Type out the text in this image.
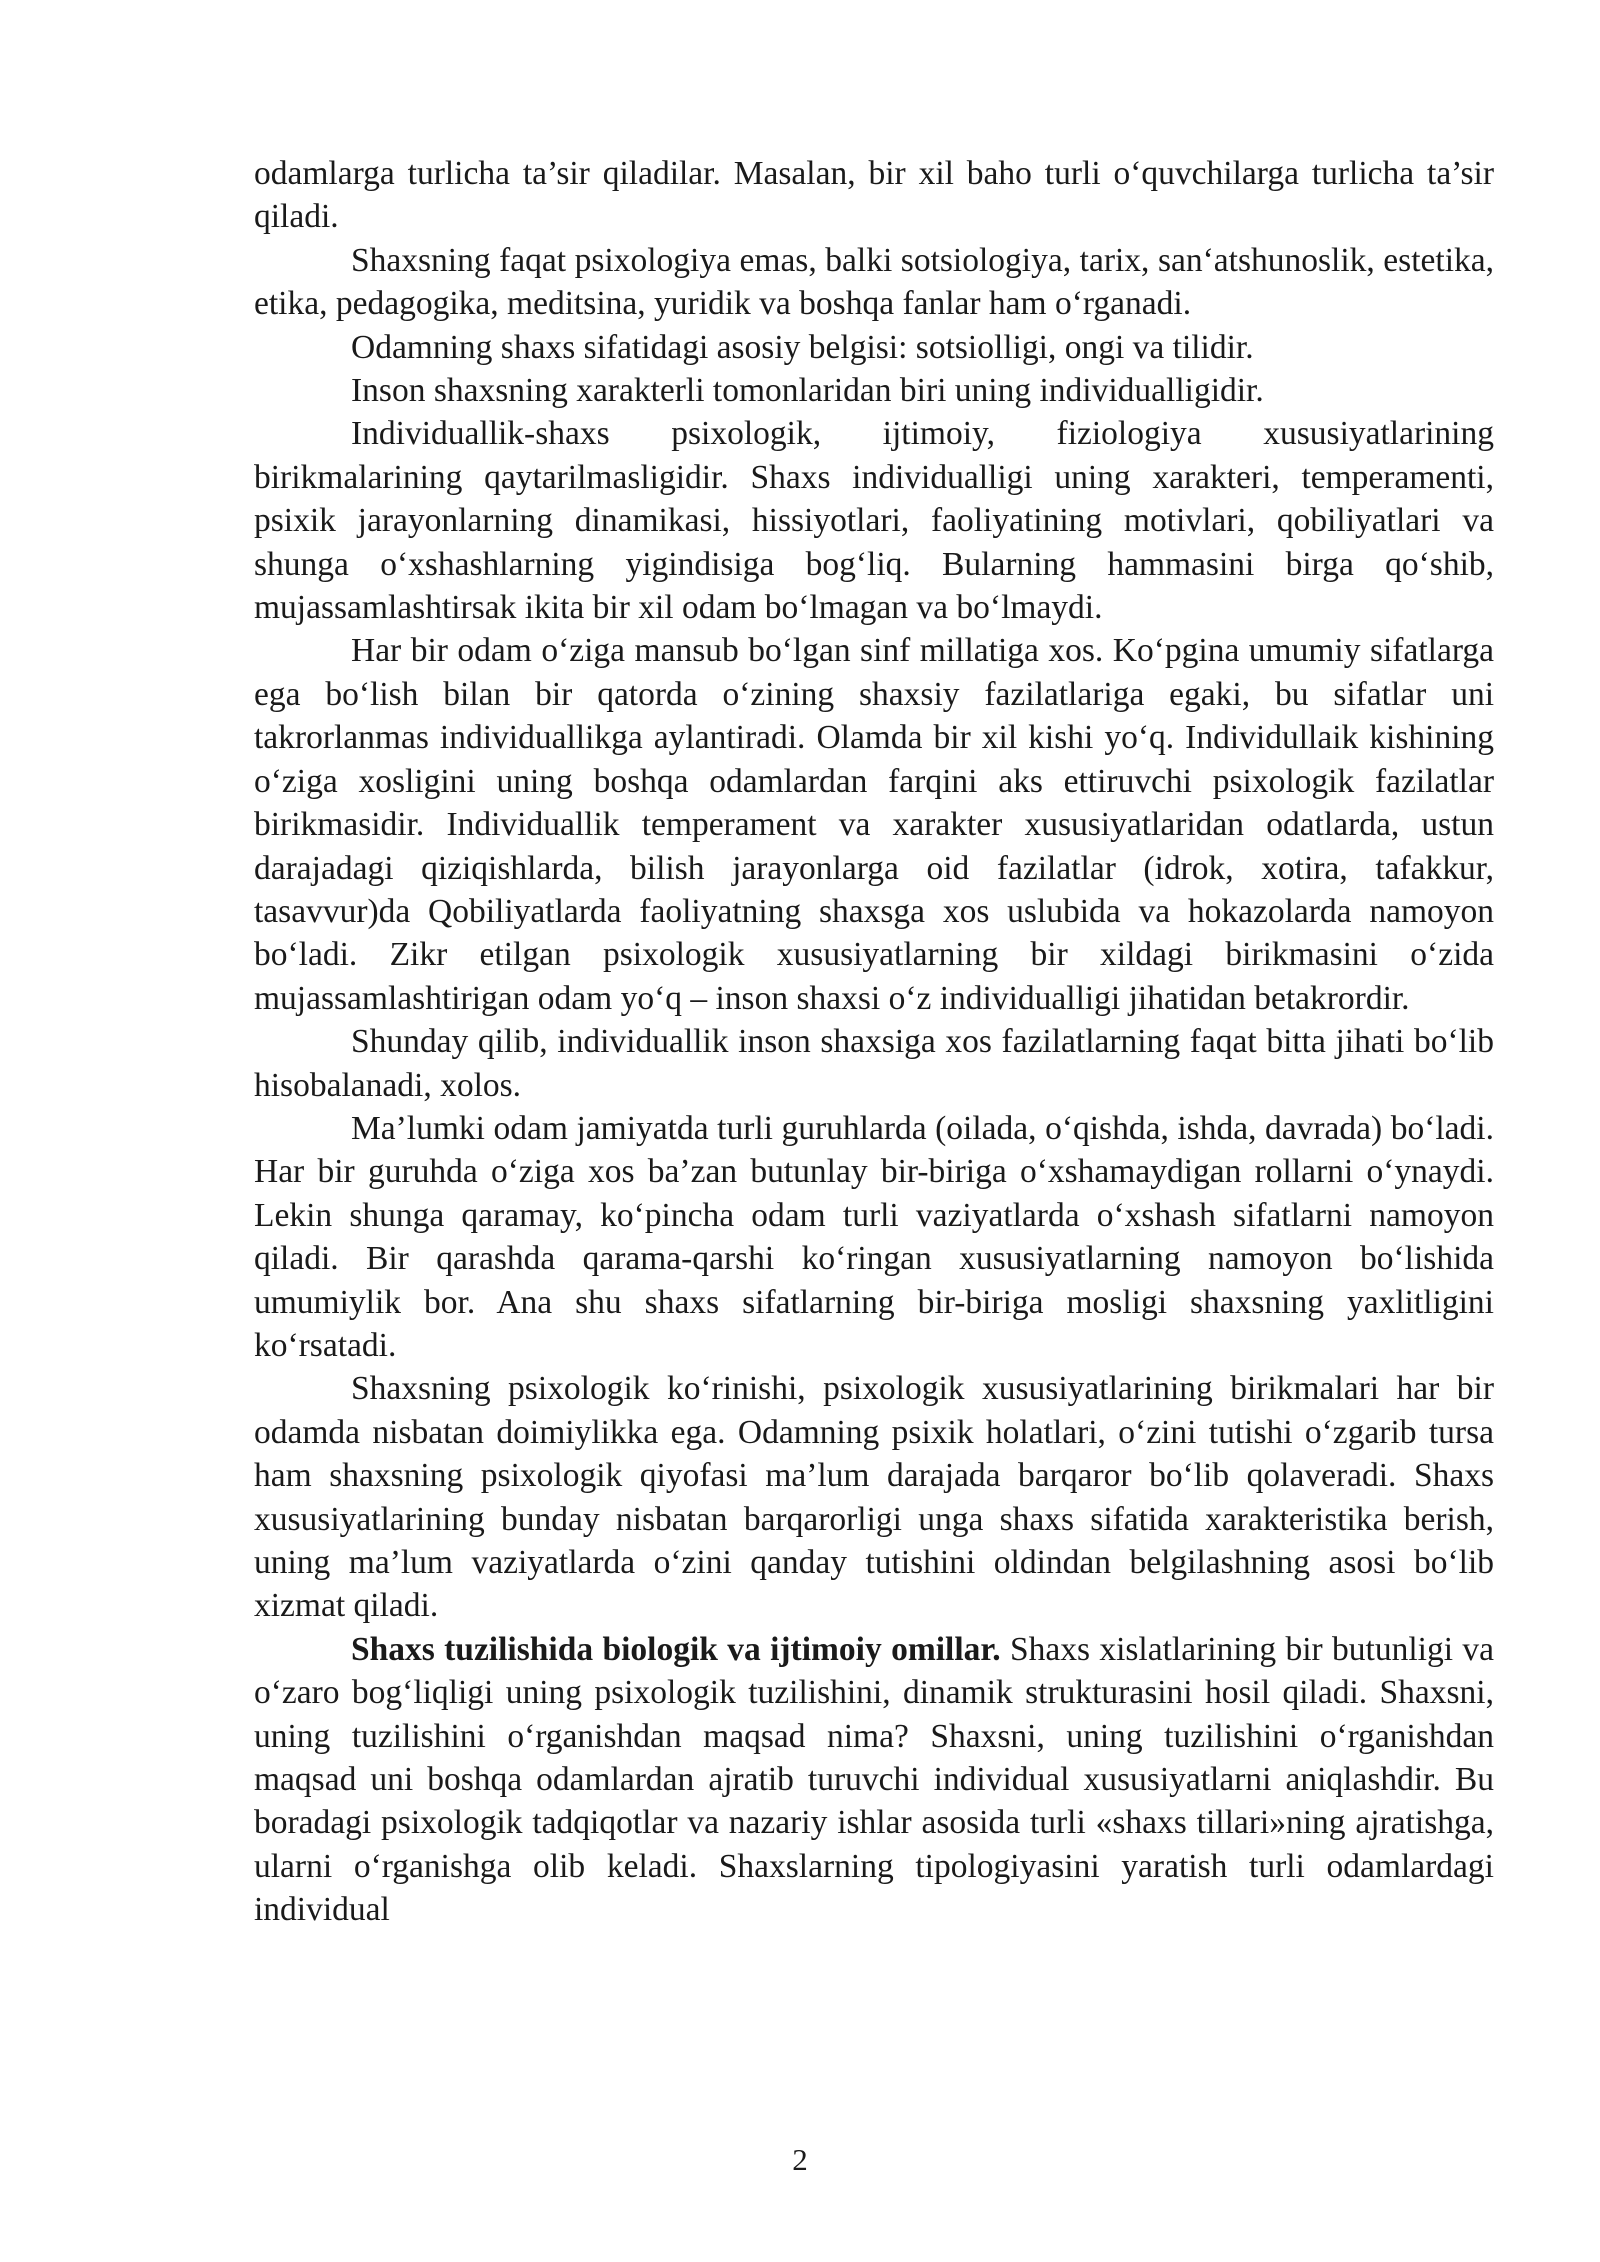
odamlarga turlicha ta’sir qiladilar. Masalan, bir xil baho turli o‘quvchilarga turlicha ta’sir qiladi.

Shaxsning faqat psixologiya emas, balki sotsiologiya, tarix, san‘atshunoslik, estetika, etika, pedagogika, meditsina, yuridik va boshqa fanlar ham o‘rganadi.

Odamning shaxs sifatidagi asosiy belgisi: sotsiolligi, ongi va tilidir.

Inson shaxsning xarakterli tomonlaridan biri uning individualligidir.

Individuallik-shaxs psixologik, ijtimoiy, fiziologiya xususiyatlarining birikmalarining qaytarilmasligidir. Shaxs individualligi uning xarakteri, temperamenti, psixik jarayonlarning dinamikasi, hissiyotlari, faoliyatining motivlari, qobiliyatlari va shunga o‘xshashlarning yigindisiga bog‘liq. Bularning hammasini birga qo‘shib, mujassamlashtirsak ikita bir xil odam bo‘lmagan va bo‘lmaydi.

Har bir odam o‘ziga mansub bo‘lgan sinf millatiga xos. Ko‘pgina umumiy sifatlarga ega bo‘lish bilan bir qatorda o‘zining shaxsiy fazilatlariga egaki, bu sifatlar uni takrorlanmas individuallikga aylantiradi. Olamda bir xil kishi yo‘q. Individullaik kishining o‘ziga xosligini uning boshqa odamlardan farqini aks ettiruvchi psixologik fazilatlar birikmasidir. Individuallik temperament va xarakter xususiyatlaridan odatlarda, ustun darajadagi qiziqishlarda, bilish jarayonlarga oid fazilatlar (idrok, xotira, tafakkur, tasavvur)da Qobiliyatlarda faoliyatning shaxsga xos uslubida va hokazolarda namoyon bo‘ladi. Zikr etilgan psixologik xususiyatlarning bir xildagi birikmasini o‘zida mujassamlashtirigan odam yo‘q – inson shaxsi o‘z individualligi jihatidan betakrordir.

Shunday qilib, individuallik inson shaxsiga xos fazilatlarning faqat bitta jihati bo‘lib hisobalanadi, xolos.

Ma’lumki odam jamiyatda turli guruhlarda (oilada, o‘qishda, ishda, davrada) bo‘ladi. Har bir guruhda o‘ziga xos ba’zan butunlay bir-biriga o‘xshamaydigan rollarni o‘ynaydi. Lekin shunga qaramay, ko‘pincha odam turli vaziyatlarda o‘xshash sifatlarni namoyon qiladi. Bir qarashda qarama-qarshi ko‘ringan xususiyatlarning namoyon bo‘lishida umumiylik bor. Ana shu shaxs sifatlarning bir-biriga mosligi shaxsning yaxlitligini ko‘rsatadi.

Shaxsning psixologik ko‘rinishi, psixologik xususiyatlarining birikmalari har bir odamda nisbatan doimiylikka ega. Odamning psixik holatlari, o‘zini tutishi o‘zgarib tursa ham shaxsning psixologik qiyofasi ma’lum darajada barqaror bo‘lib qolaveradi. Shaxs xususiyatlarining bunday nisbatan barqarorligi unga shaxs sifatida xarakteristika berish, uning ma’lum vaziyatlarda o‘zini qanday tutishini oldindan belgilashning asosi bo‘lib xizmat qiladi.

Shaxs tuzilishida biologik va ijtimoiy omillar. Shaxs xislatlarining bir butunligi va o‘zaro bog‘liqligi uning psixologik tuzilishini, dinamik strukturasini hosil qiladi. Shaxsni, uning tuzilishini o‘rganishdan maqsad nima? Shaxsni, uning tuzilishini o‘rganishdan maqsad uni boshqa odamlardan ajratib turuvchi individual xususiyatlarni aniqlashdir. Bu boradagi psixologik tadqiqotlar va nazariy ishlar asosida turli «shaxs tillari»ning ajratishga, ularni o‘rganishga olib keladi. Shaxslarning tipologiyasini yaratish turli odamlardagi individual

2
